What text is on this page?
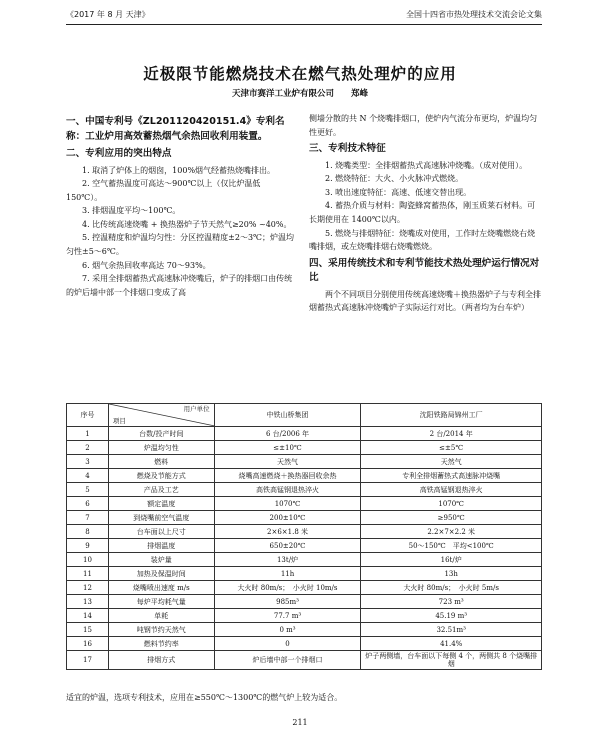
《2017 年 8 月 天津》	全国十四省市热处理技术交流会论文集
近极限节能燃烧技术在燃气热处理炉的应用
天津市赛洋工业炉有限公司　　郑峰

一、中国专利号《ZL201120420151.4》专利名称：工业炉用高效蓄热烟气余热回收利用装置。

二、专利应用的突出特点

1. 取消了炉体上的烟囱，100%烟气经蓄热烧嘴排出。

2. 空气蓄热温度可高达～900℃以上（仅比炉温低150℃）。

3. 排烟温度平均～100℃。

4. 比传统高速烧嘴 + 换热器炉子节天然气≥20% ~40%。

5. 控温精度和炉温均匀性：分区控温精度±2～3℃；炉温均匀性±5～6℃。

6. 烟气余热回收率高达 70～93%。

7. 采用全排烟蓄热式高速脉冲烧嘴后，炉子的排烟口由传统的炉后墙中部一个排烟口变成了高

侧墙分散的共 N 个烧嘴排烟口，使炉内气流分布更均，炉温均匀性更好。

三、专利技术特征

1. 烧嘴类型：全排烟蓄热式高速脉冲烧嘴。（成对使用）。

2. 燃烧特征：大火、小火脉冲式燃烧。

3. 喷出速度特征：高速、低速交替出现。

4. 蓄热介质与材料：陶瓷蜂窝蓄热体，刚玉质莱石材料。可长期使用在 1400℃以内。

5. 燃烧与排烟特征：烧嘴成对使用，工作时左烧嘴燃烧右烧嘴排烟，或左烧嘴排烟右烧嘴燃烧。

四、采用传统技术和专利节能技术热处理炉运行情况对比

两个不同项目分别使用传统高速烧嘴＋换热器炉子与专利全排烟蓄热式高速脉冲烧嘴炉子实际运行对比。（两者均为台车炉）

序号	用户单位
项目	中铁山桥集团	沈阳铁路局锦州工厂
1	台数/投产时间	6 台/2006 年	2 台/2014 年
2	炉温均匀性	≤±10℃	≤±5℃
3	燃料	天然气	天然气
4	燃烧及节能方式	烧嘴高速燃烧＋换热器回收余热	专利全排烟蓄热式高速脉冲烧嘴
5	产品及工艺	高铁高锰钢退热淬火	高铁高锰钢退热淬火
6	额定温度	1070℃	1070℃
7	到烧嘴前空气温度	200±10℃	≥950℃
8	台车面以上尺寸	2×6×1.8 米	2.2×7×2.2 米
9	排烟温度	650±20℃	50～150℃　平均<100℃
10	装炉量	13t/炉	16t/炉
11	加热及保温时间	11h	13h
12	烧嘴喷出速度 m/s	大火时 80m/s；　小火时 10m/s	大火时 80m/s；　小火时 5m/s
13	每炉平均耗气量	985m³	723 m³
14	单耗	77.7 m³	45.19 m³
15	吨钢节约天然气	0 m³	32.51m³
16	燃料节约率	0	41.4%
17	排烟方式	炉后墙中部一个排烟口	炉子两侧墙，台车面以下每侧 4 个，两侧共 8 个烧嘴排烟
适宜的炉温，选项专利技术，应用在≥550℃～1300℃的燃气炉上较为适合。
211
